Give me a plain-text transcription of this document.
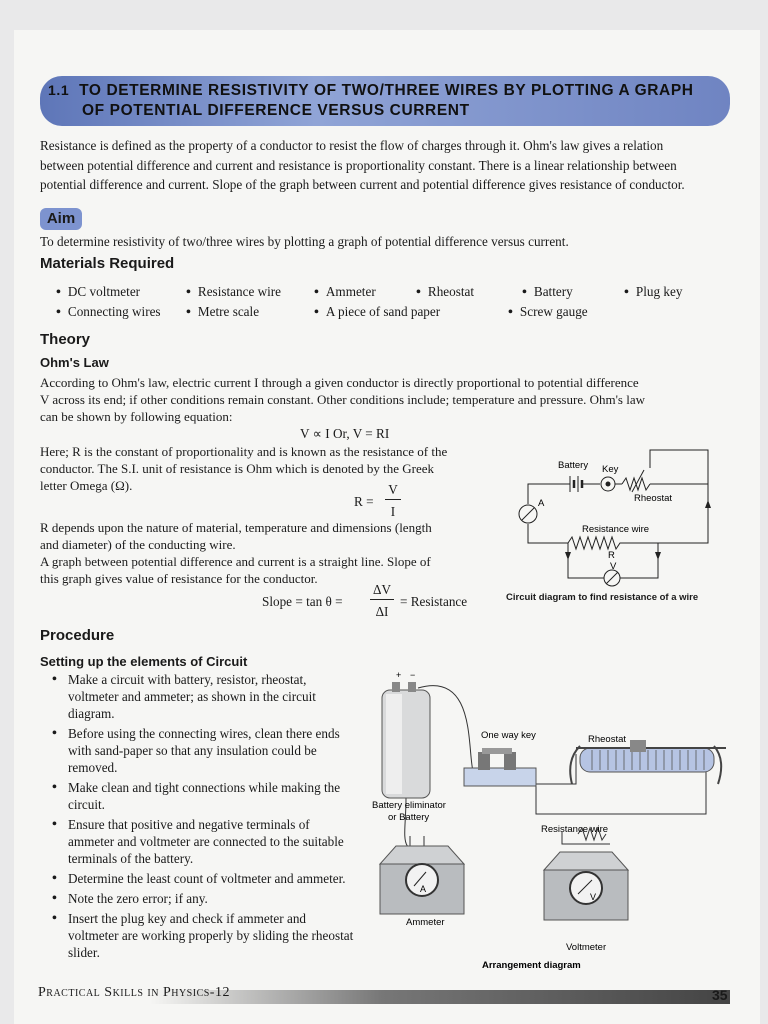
1.1 TO DETERMINE RESISTIVITY OF TWO/THREE WIRES BY PLOTTING A GRAPH
OF POTENTIAL DIFFERENCE VERSUS CURRENT
Resistance is defined as the property of a conductor to resist the flow of charges through it. Ohm's law gives a relation
between potential difference and current and resistance is proportionality constant. There is a linear relationship between
potential difference and current. Slope of the graph between current and potential difference gives resistance of conductor.
Aim
To determine resistivity of two/three wires by plotting a graph of potential difference versus current.
Materials Required
• DC voltmeter	• Resistance wire	• Ammeter	• Rheostat	• Battery	• Plug key
• Connecting wires	• Metre scale	• A piece of sand paper	• Screw gauge
Theory
Ohm's Law
According to Ohm's law, electric current I through a given conductor is directly proportional to potential difference
V across its end; if other conditions remain constant. Other conditions include; temperature and pressure. Ohm's law
can be shown by following equation:
V ∝ I Or, V = RI
Here; R is the constant of proportionality and is known as the resistance of the
conductor. The S.I. unit of resistance is Ohm which is denoted by the Greek
letter Omega (Ω).
R =
V
I
R depends upon the nature of material, temperature and dimensions (length
and diameter) of the conducting wire.
A graph between potential difference and current is a straight line. Slope of
this graph gives value of resistance for the conductor.
Slope = tan θ =
ΔV
ΔI
= Resistance
Battery Key
Rheostat
Resistance wire
R
V
A
Circuit diagram to find resistance of a wire
Procedure
Setting up the elements of Circuit
• Make a circuit with battery, resistor, rheostat, voltmeter and ammeter; as shown in the circuit diagram.
• Before using the connecting wires, clean there ends with sand-paper so that any insulation could be removed.
• Make clean and tight connections while making the circuit.
• Ensure that positive and negative terminals of ammeter and voltmeter are connected to the suitable terminals of the battery.
• Determine the least count of voltmeter and ammeter.
• Note the zero error; if any.
• Insert the plug key and check if ammeter and voltmeter are working properly by sliding the rheostat slider.
+ −
A
V
Battery eliminator
or Battery
One way key	Rheostat
Resistance wire
Ammeter
Voltmeter
Arrangement diagram
Practical Skills in Physics-12	35
